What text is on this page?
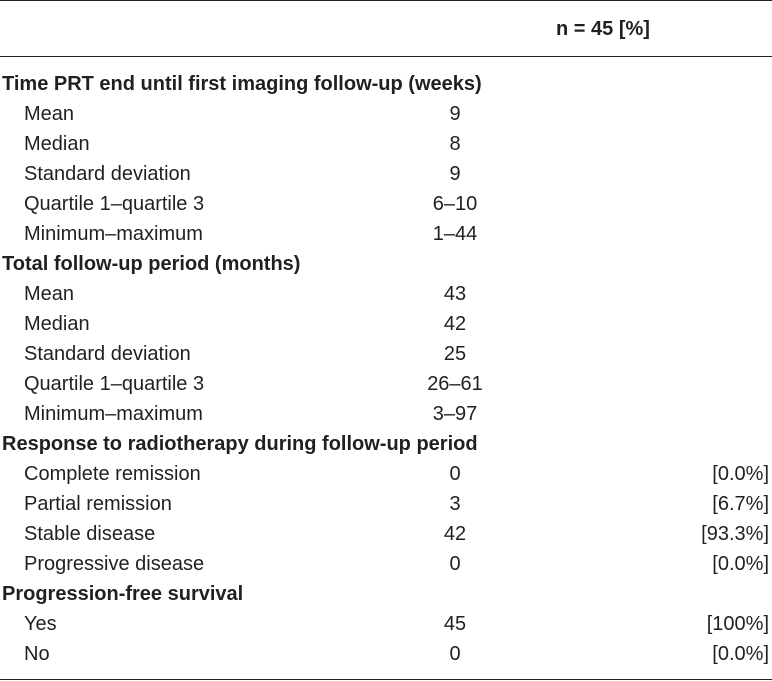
n = 45 [%]
Time PRT end until first imaging follow-up (weeks)
Mean	9
Median	8
Standard deviation	9
Quartile 1–quartile 3	6–10
Minimum–maximum	1–44
Total follow-up period (months)
Mean	43
Median	42
Standard deviation	25
Quartile 1–quartile 3	26–61
Minimum–maximum	3–97
Response to radiotherapy during follow-up period
Complete remission	0	[0.0%]
Partial remission	3	[6.7%]
Stable disease	42	[93.3%]
Progressive disease	0	[0.0%]
Progression-free survival
Yes	45	[100%]
No	0	[0.0%]
